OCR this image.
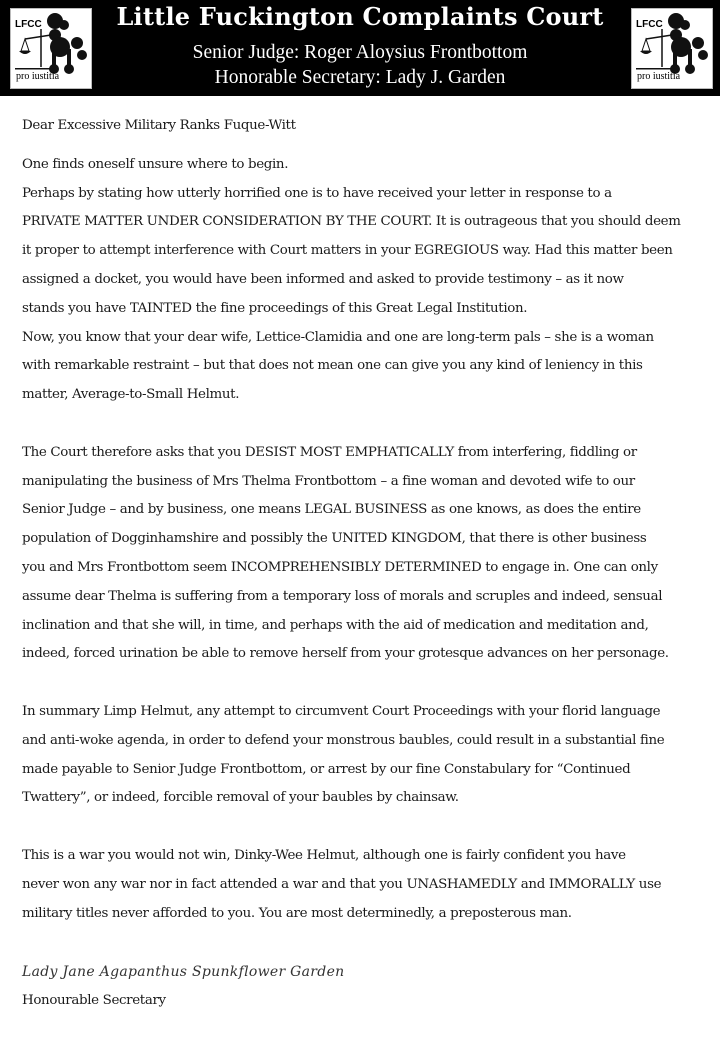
LFCC
pro iustitia
Little Fuckington Complaints Court
Senior Judge: Roger Aloysius Frontbottom
Honorable Secretary: Lady J. Garden
LFCC
pro iustitia

Dear Excessive Military Ranks Fuque-Witt

One finds oneself unsure where to begin.

Perhaps by stating how utterly horrified one is to have received your letter in response to a

PRIVATE MATTER UNDER CONSIDERATION BY THE COURT. It is outrageous that you should deem

it proper to attempt interference with Court matters in your EGREGIOUS way. Had this matter been

assigned a docket, you would have been informed and asked to provide testimony – as it now

stands you have TAINTED the fine proceedings of this Great Legal Institution.

Now, you know that your dear wife, Lettice-Clamidia and one are long-term pals – she is a woman

with remarkable restraint – but that does not mean one can give you any kind of leniency in this

matter, Average-to-Small Helmut.

The Court therefore asks that you DESIST MOST EMPHATICALLY from interfering, fiddling or

manipulating the business of Mrs Thelma Frontbottom – a fine woman and devoted wife to our

Senior Judge – and by business, one means LEGAL BUSINESS as one knows, as does the entire

population of Dogginhamshire and possibly the UNITED KINGDOM, that there is other business

you and Mrs Frontbottom seem INCOMPREHENSIBLY DETERMINED to engage in. One can only

assume dear Thelma is suffering from a temporary loss of morals and scruples and indeed, sensual

inclination and that she will, in time, and perhaps with the aid of medication and meditation and,

indeed, forced urination be able to remove herself from your grotesque advances on her personage.

In summary Limp Helmut, any attempt to circumvent Court Proceedings with your florid language

and anti-woke agenda, in order to defend your monstrous baubles, could result in a substantial fine

made payable to Senior Judge Frontbottom, or arrest by our fine Constabulary for “Continued

Twattery”, or indeed, forcible removal of your baubles by chainsaw.

This is a war you would not win, Dinky-Wee Helmut, although one is fairly confident you have

never won any war nor in fact attended a war and that you UNASHAMEDLY and IMMORALLY use

military titles never afforded to you. You are most determinedly, a preposterous man.

Lady Jane Agapanthus Spunkflower Garden

Honourable Secretary
